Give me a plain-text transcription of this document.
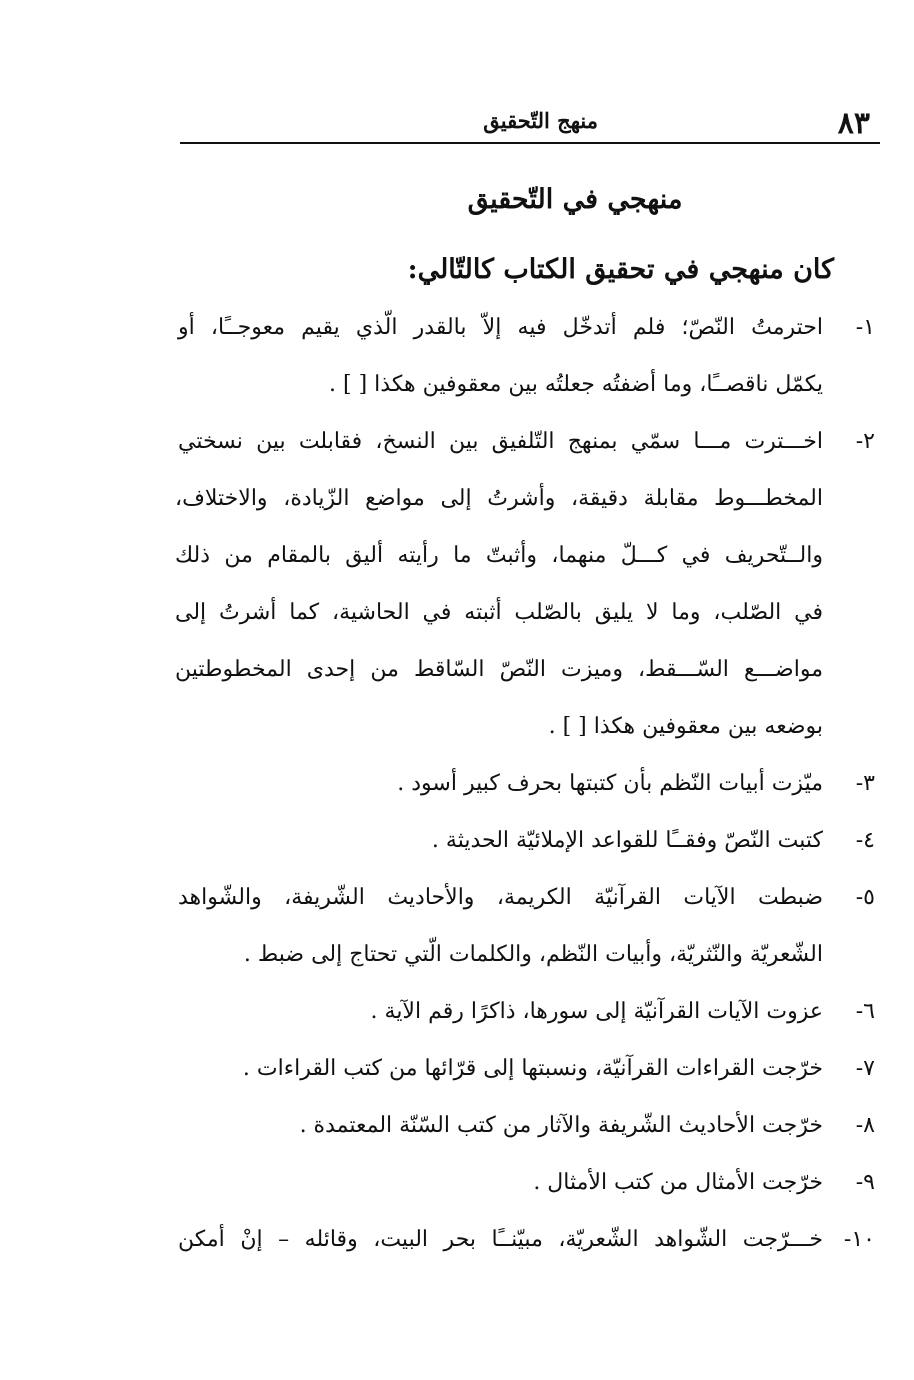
٨٣
منهج التّحقيق
منهجي في التّحقيق
كان منهجي في تحقيق الكتاب كالتّالي:
١-احترمتُ النّصّ؛ فلم أتدخّل فيه إلاّ بالقدر الّذي يقيم معوجــًا، أو
يكمّل ناقصــًا، وما أضفتُه جعلتُه بين معقوفين هكذا [ ] .
٢-اخـــترت مـــا سمّي بمنهج التّلفيق بين النسخ، فقابلت بين نسختي
المخطـــوط مقابلة دقيقة، وأشرتُ إلى مواضع الزّيادة، والاختلاف،
والــتّحريف في كـــلّ منهما، وأثبتّ ما رأيته أليق بالمقام من ذلك
في الصّلب، وما لا يليق بالصّلب أثبته في الحاشية، كما أشرتُ إلى
مواضـــع السّـــقط، وميزت النّصّ السّاقط من إحدى المخطوطتين
بوضعه بين معقوفين هكذا [ ] .
٣-ميّزت أبيات النّظم بأن كتبتها بحرف كبير أسود .
٤-كتبت النّصّ وفقــًا للقواعد الإملائيّة الحديثة .
٥-ضبطت الآيات القرآنيّة الكريمة، والأحاديث الشّريفة، والشّواهد
الشّعريّة والنّثريّة، وأبيات النّظم، والكلمات الّتي تحتاج إلى ضبط .
٦-عزوت الآيات القرآنيّة إلى سورها، ذاكرًا رقم الآية .
٧-خرّجت القراءات القرآنيّة، ونسبتها إلى قرّائها من كتب القراءات .
٨-خرّجت الأحاديث الشّريفة والآثار من كتب السّنّة المعتمدة .
٩-خرّجت الأمثال من كتب الأمثال .
١٠-خـــرّجت الشّواهد الشّعريّة، مبيّنــًا بحر البيت، وقائله – إنْ أمكن
